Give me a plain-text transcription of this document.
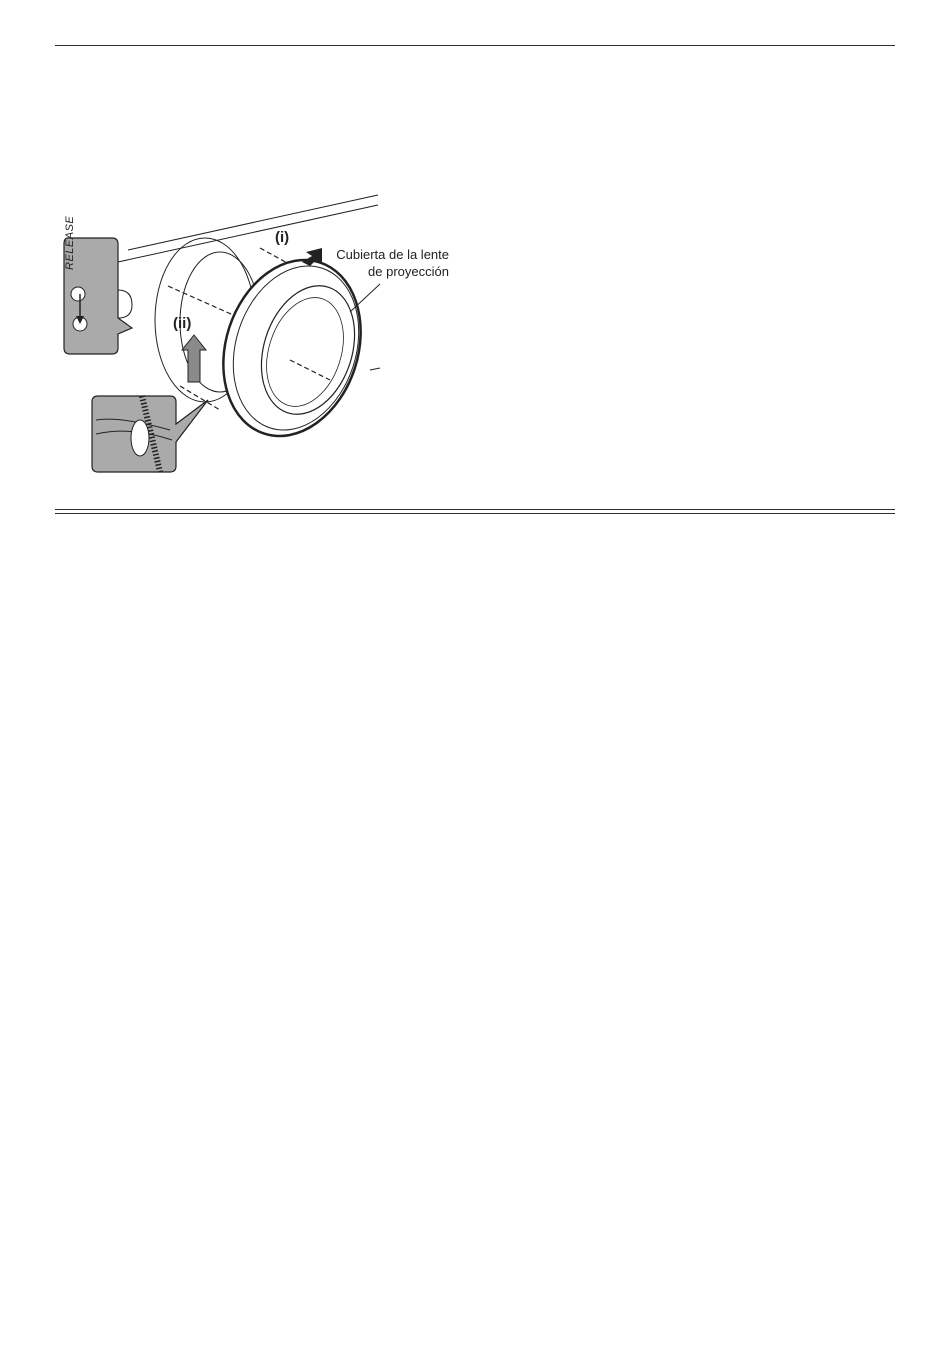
RELEASE	(i)
(ii)
Cubierta de la lente
de proyección
